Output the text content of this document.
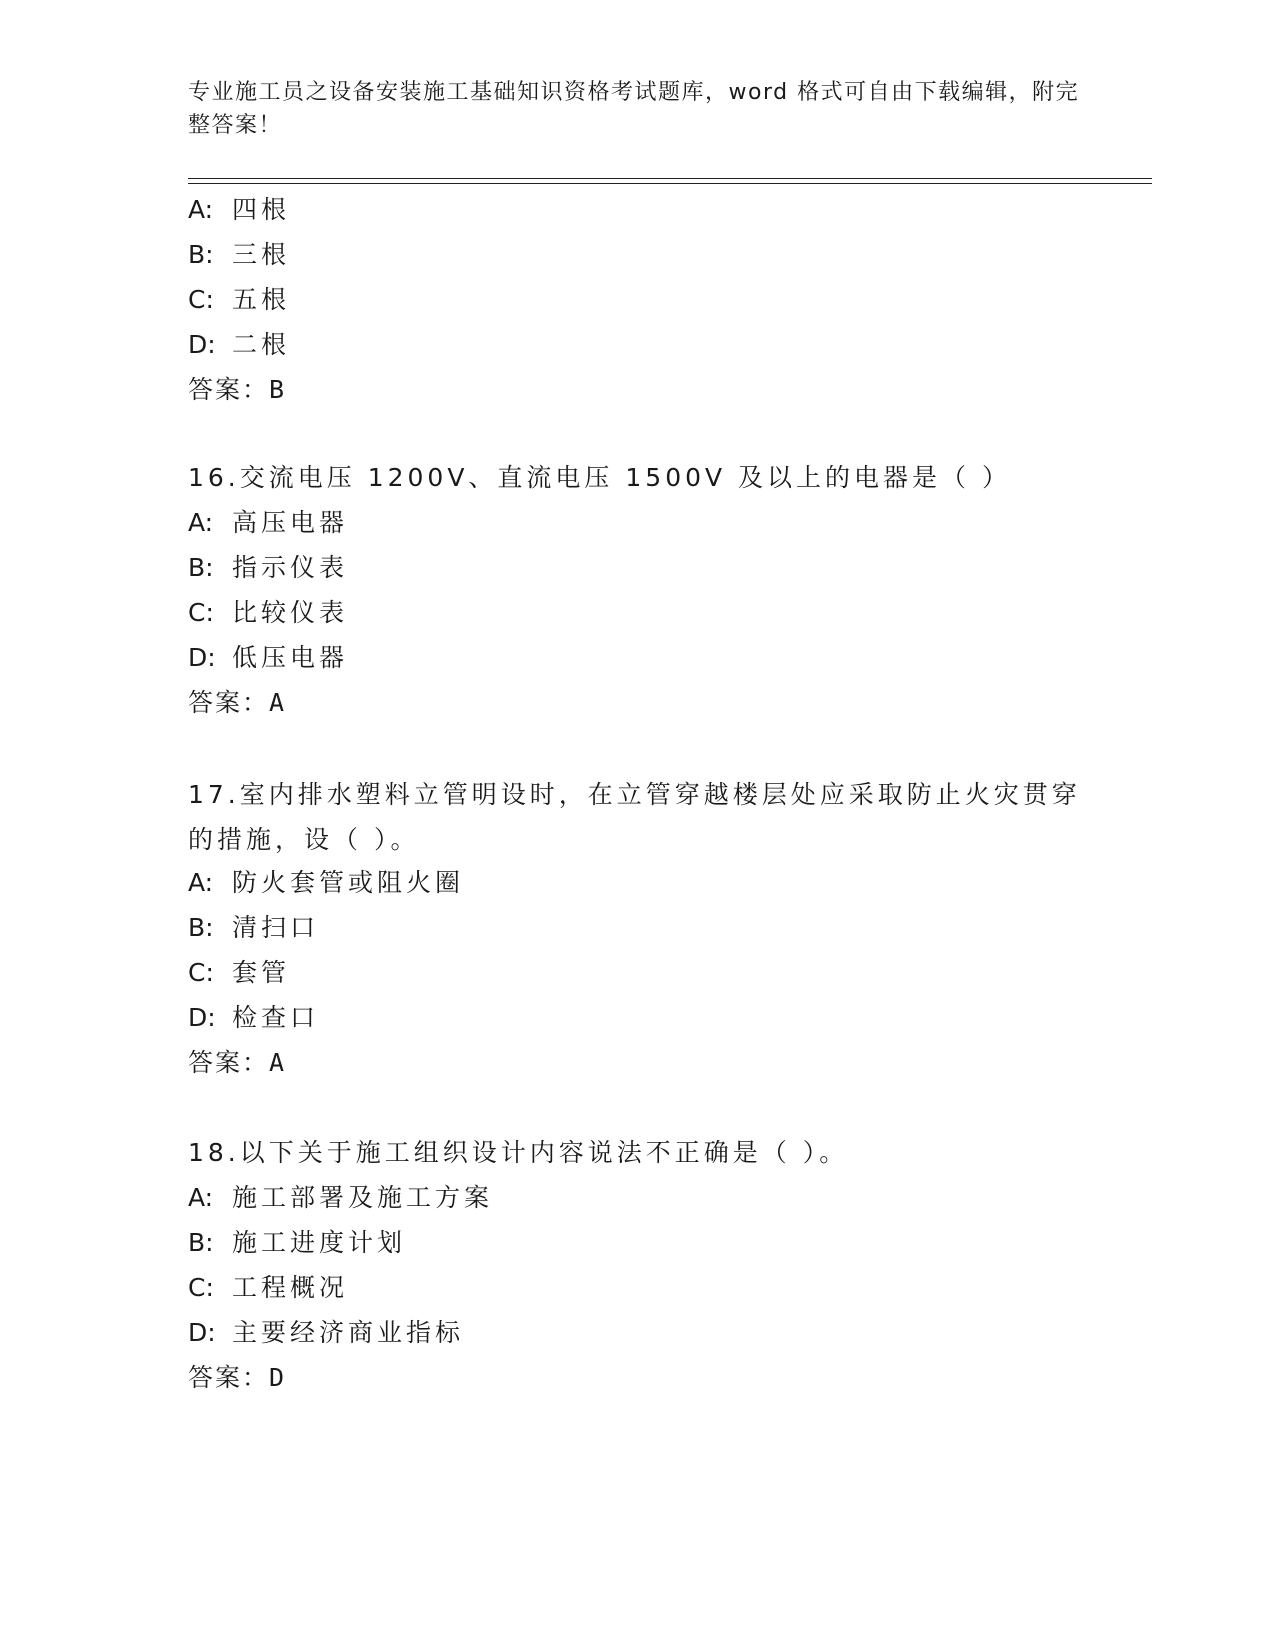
专业施工员之设备安装施工基础知识资格考试题库，word 格式可自由下载编辑，附完整答案！
A: 四根
B: 三根
C: 五根
D: 二根
答案：B
16.交流电压 1200V、直流电压 1500V 及以上的电器是（ ）
A: 高压电器
B: 指示仪表
C: 比较仪表
D: 低压电器
答案：A
17.室内排水塑料立管明设时，在立管穿越楼层处应采取防止火灾贯穿的措施，设（ ）。
A: 防火套管或阻火圈
B: 清扫口
C: 套管
D: 检查口
答案：A
18.以下关于施工组织设计内容说法不正确是（ ）。
A: 施工部署及施工方案
B: 施工进度计划
C: 工程概况
D: 主要经济商业指标
答案：D
